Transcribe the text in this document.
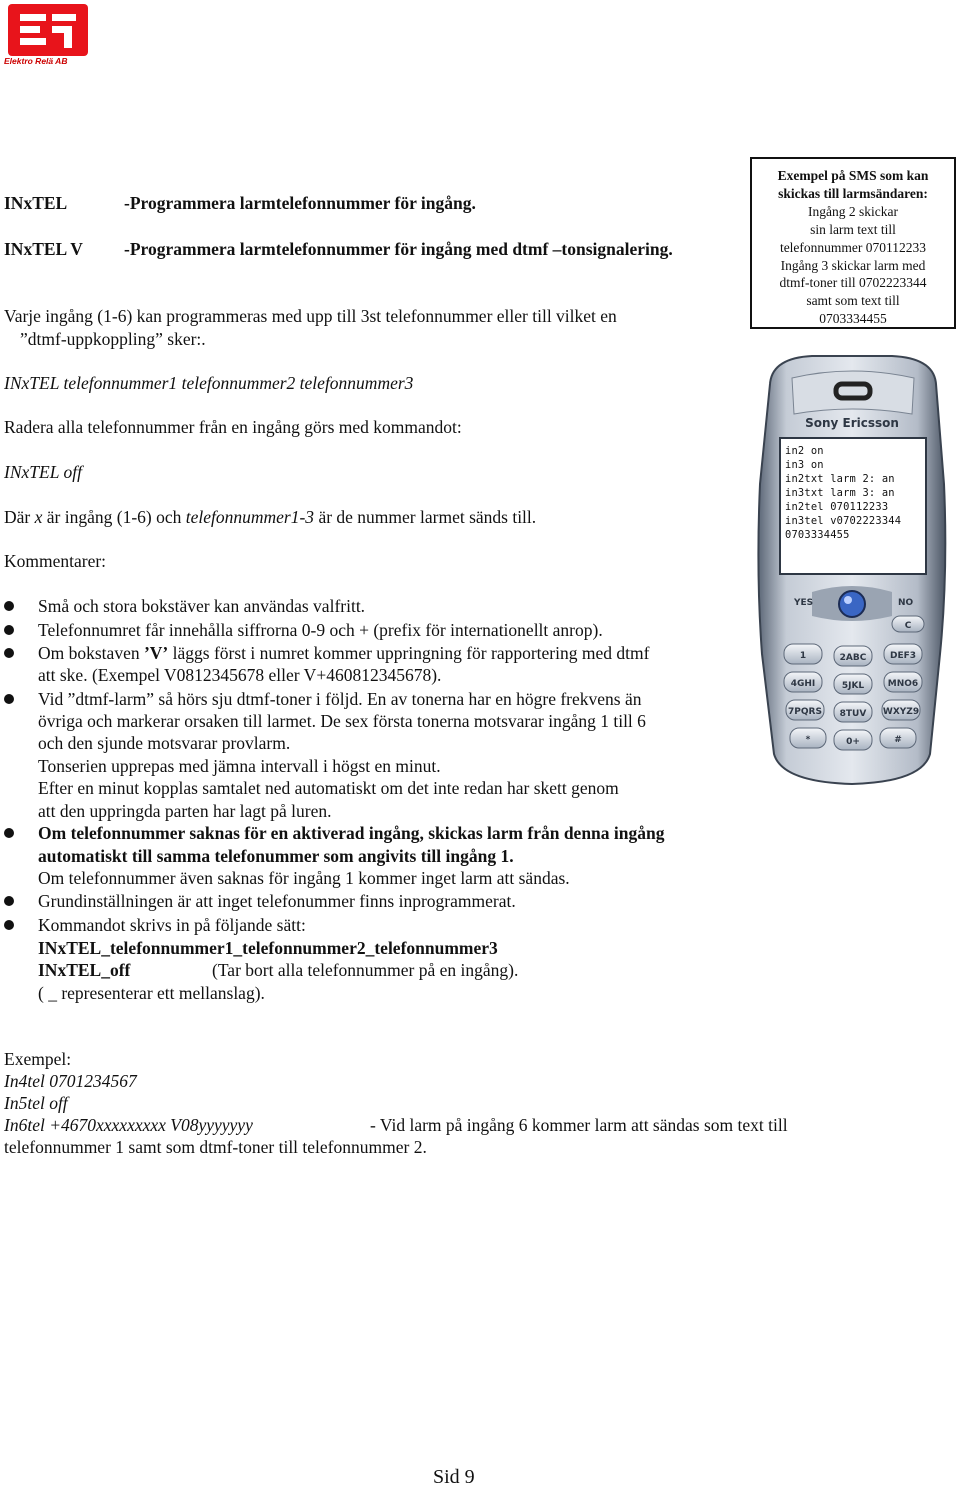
Elektro Relä AB
INxTEL	-Programmera larmtelefonnummer för ingång.
INxTEL V -Programmera larmtelefonnummer för ingång med dtmf –tonsignalering.
Varje ingång (1-6) kan programmeras med upp till 3st telefonnummer eller till vilket en
”dtmf-uppkoppling” sker:.
Exempel på SMS som kan
skickas till larmsändaren:
Ingång 2 skickar
sin larm text till
telefonnummer 070112233
Ingång 3 skickar larm med
dtmf-toner till 0702223344
samt som text till
0703334455
INxTEL telefonnummer1 telefonnummer2 telefonnummer3
Radera alla telefonnummer från en ingång görs med kommandot:
INxTEL off
Där x är ingång (1-6) och telefonnummer1-3 är de nummer larmet sänds till.
Kommentarer:
Små och stora bokstäver kan användas valfritt.
Telefonnumret får innehålla siffrorna 0-9 och + (prefix för internationellt anrop).
Om bokstaven ’V’ läggs först i numret kommer uppringning för rapportering med dtmf
att ske. (Exempel V0812345678 eller V+460812345678).
Vid ”dtmf-larm” så hörs sju dtmf-toner i följd. En av tonerna har en högre frekvens än
övriga och markerar orsaken till larmet. De sex första tonerna motsvarar ingång 1 till 6
och den sjunde motsvarar provlarm.
Tonserien upprepas med jämna intervall i högst en minut.
Efter en minut kopplas samtalet ned automatiskt om det inte redan har skett genom
att den uppringda parten har lagt på luren.
Om telefonnummer saknas för en aktiverad ingång, skickas larm från denna ingång
automatiskt till samma telefonummer som angivits till ingång 1.
Om telefonnummer även saknas för ingång 1 kommer inget larm att sändas.
Grundinställningen är att inget telefonummer finns inprogrammerat.
Kommandot skrivs in på följande sätt:
INxTEL_telefonnummer1_telefonnummer2_telefonnummer3
INxTEL_off	(Tar bort alla telefonnummer på en ingång).
( _ representerar ett mellanslag).
Exempel:
In4tel 0701234567
In5tel off
In6tel +4670xxxxxxxxx V08yyyyyyy	- Vid larm på ingång 6 kommer larm att sändas som text till
telefonnummer 1 samt som dtmf-toner till telefonnummer 2.
Sony Ericsson
YES	NO
C
1	2ABC	DEF3
4GHI	5JKL	MNO6
7PQRS 8TUV WXYZ9
*	0+	#
in2 on
in3 on
in2txt larm 2: an
in3txt larm 3: an
in2tel 070112233
in3tel v0702223344
0703334455
Sid 9
